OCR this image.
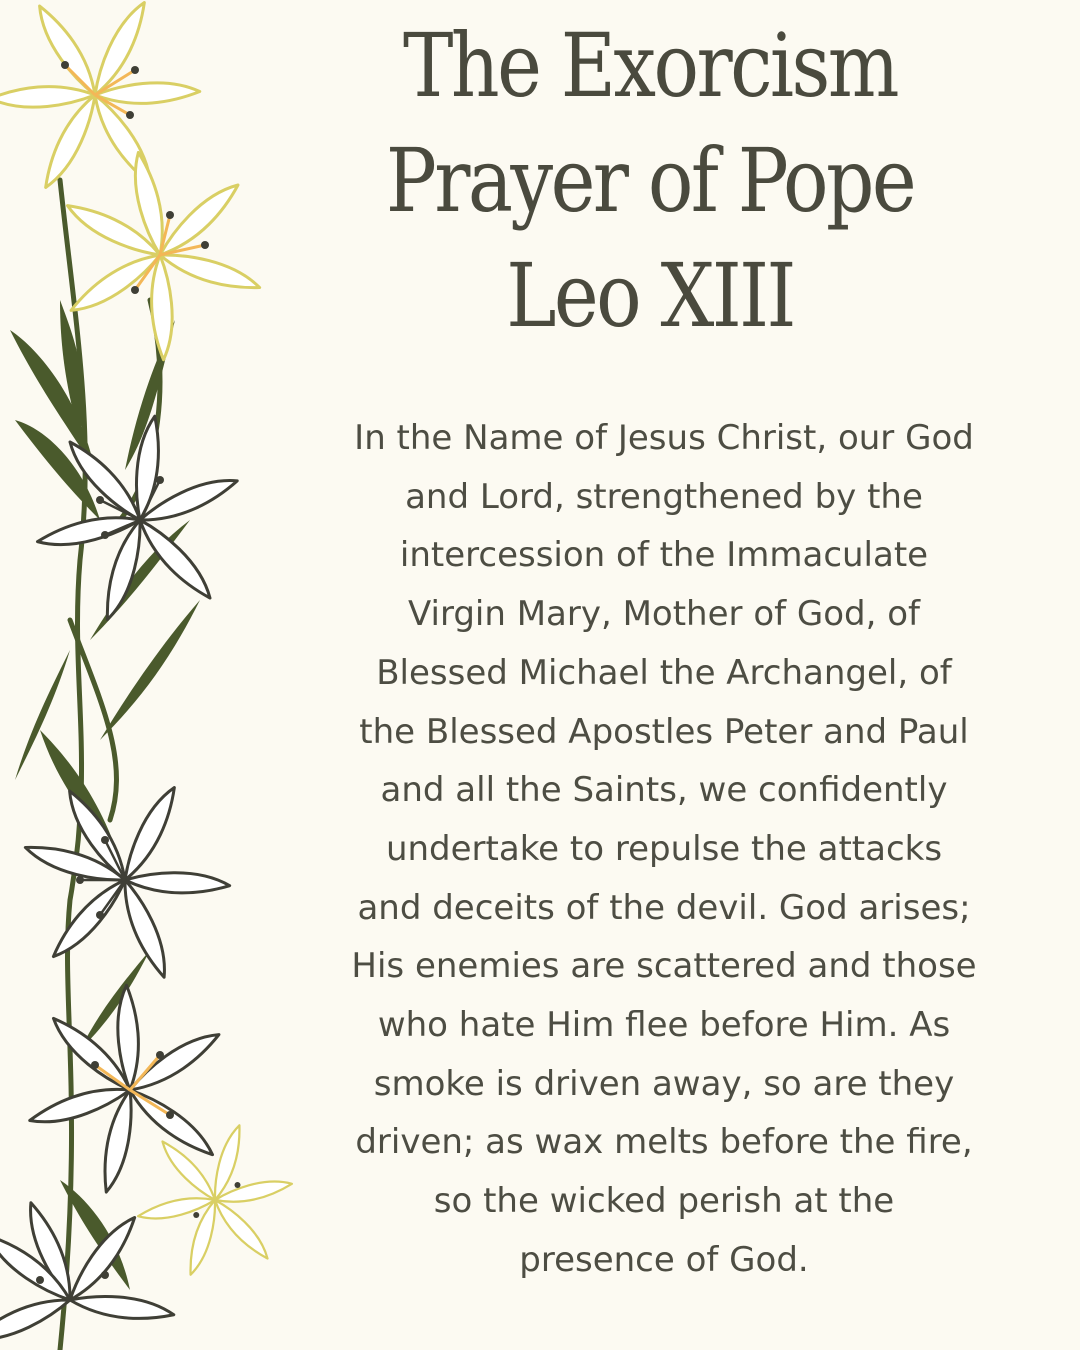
The Exorcism
Prayer of Pope
Leo XIII

In the Name of Jesus Christ, our God
and Lord, strengthened by the
intercession of the Immaculate
Virgin Mary, Mother of God, of
Blessed Michael the Archangel, of
the Blessed Apostles Peter and Paul
and all the Saints, we confidently
undertake to repulse the attacks
and deceits of the devil. God arises;
His enemies are scattered and those
who hate Him flee before Him. As
smoke is driven away, so are they
driven; as wax melts before the fire,
so the wicked perish at the
presence of God.
